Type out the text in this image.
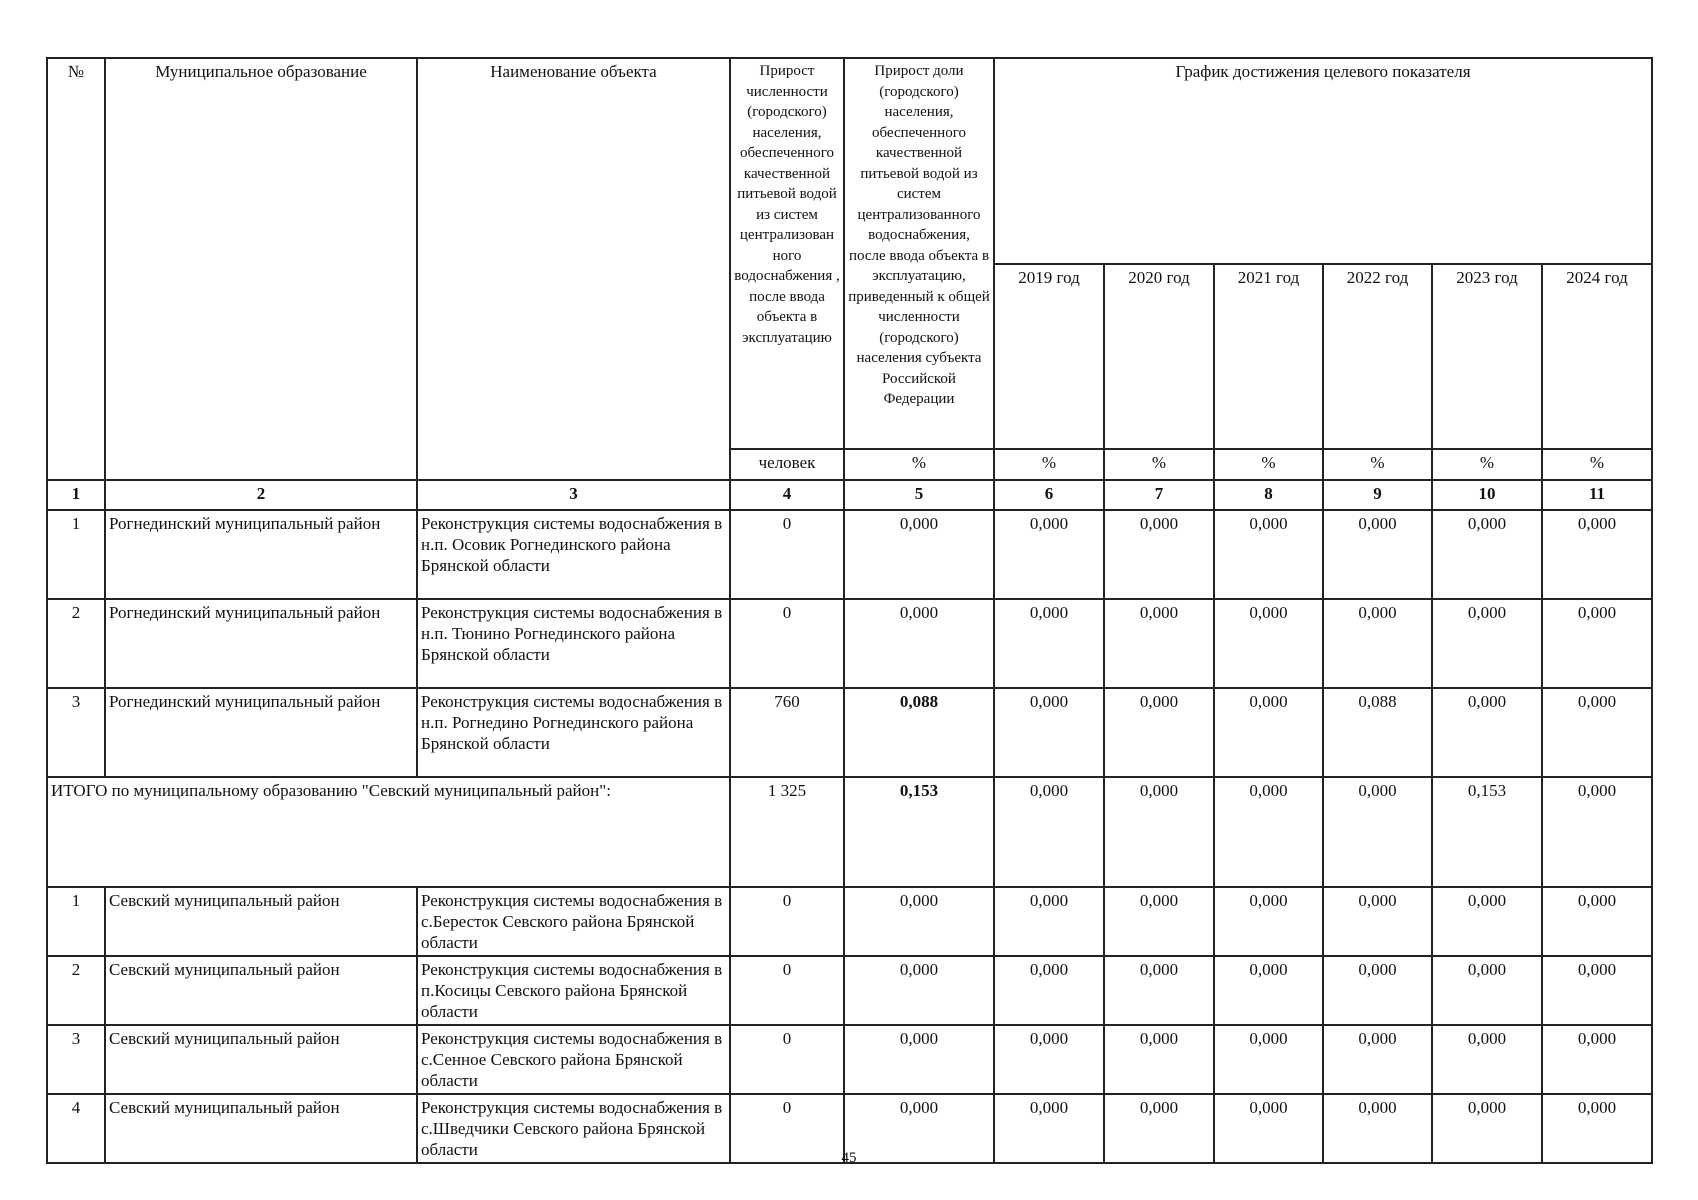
№	Муниципальное образование	Наименование объекта	Прирост численности (городского) населения, обеспеченного качественной питьевой водой из систем централизован ного водоснабжения , после ввода объекта в эксплуатацию	Прирост доли (городского) населения, обеспеченного качественной питьевой водой из систем централизованного водоснабжения, после ввода объекта в эксплуатацию, приведенный к общей численности (городского) населения субъекта Российской Федерации	График достижения целевого показателя					
					2019 год	2020 год	2021 год	2022 год	2023 год	2024 год
			человек	%	%	%	%	%	%	%
1	2	3	4	5	6	7	8	9	10	11
1	Рогнединский муниципальный район	Реконструкция системы водоснабжения в н.п. Осовик Рогнединского района Брянской области	0	0,000	0,000	0,000	0,000	0,000	0,000	0,000
2	Рогнединский муниципальный район	Реконструкция системы водоснабжения в н.п. Тюнино Рогнединского района Брянской области	0	0,000	0,000	0,000	0,000	0,000	0,000	0,000
3	Рогнединский муниципальный район	Реконструкция системы водоснабжения в н.п. Рогнедино Рогнединского района Брянской области	760	0,088	0,000	0,000	0,000	0,088	0,000	0,000
ИТОГО по муниципальному образованию "Севский муниципальный район":			1 325	0,153	0,000	0,000	0,000	0,000	0,153	0,000
1	Севский муниципальный район	Реконструкция системы водоснабжения в с.Бересток Севского района Брянской области	0	0,000	0,000	0,000	0,000	0,000	0,000	0,000
2	Севский муниципальный район	Реконструкция системы водоснабжения в п.Косицы Севского района Брянской области	0	0,000	0,000	0,000	0,000	0,000	0,000	0,000
3	Севский муниципальный район	Реконструкция системы водоснабжения в с.Сенное Севского района Брянской области	0	0,000	0,000	0,000	0,000	0,000	0,000	0,000
4	Севский муниципальный район	Реконструкция системы водоснабжения в с.Шведчики Севского района Брянской области	0	0,000	0,000	0,000	0,000	0,000	0,000	0,000
45
